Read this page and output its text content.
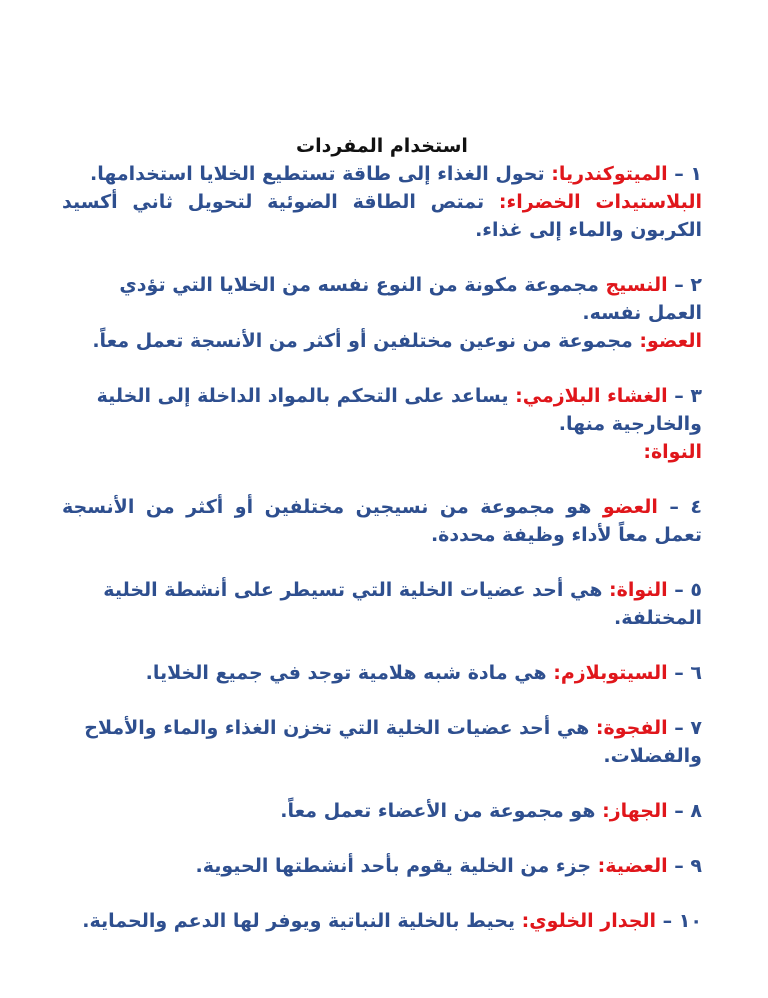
استخدام المفردات

١ – الميتوكندريا: تحول الغذاء إلى طاقة تستطيع الخلايا استخدامها.

البلاستيدات الخضراء: تمتص الطاقة الضوئية لتحويل ثاني أكسيد الكربون والماء إلى غذاء.

٢ – النسيج مجموعة مكونة من النوع نفسه من الخلايا التي تؤدي العمل نفسه.

العضو: مجموعة من نوعين مختلفين أو أكثر من الأنسجة تعمل معاً.

٣ – الغشاء البلازمي: يساعد على التحكم بالمواد الداخلة إلى الخلية والخارجية منها.

النواة:

٤ – العضو هو مجموعة من نسيجين مختلفين أو أكثر من الأنسجة تعمل معاً لأداء وظيفة محددة.

٥ – النواة: هي أحد عضيات الخلية التي تسيطر على أنشطة الخلية المختلفة.

٦ – السيتوبلازم: هي مادة شبه هلامية توجد في جميع الخلايا.

٧ – الفجوة: هي أحد عضيات الخلية التي تخزن الغذاء والماء والأملاح والفضلات.

٨ – الجهاز: هو مجموعة من الأعضاء تعمل معاً.

٩ – العضية: جزء من الخلية يقوم بأحد أنشطتها الحيوية.

١٠ – الجدار الخلوي: يحيط بالخلية النباتية ويوفر لها الدعم والحماية.
